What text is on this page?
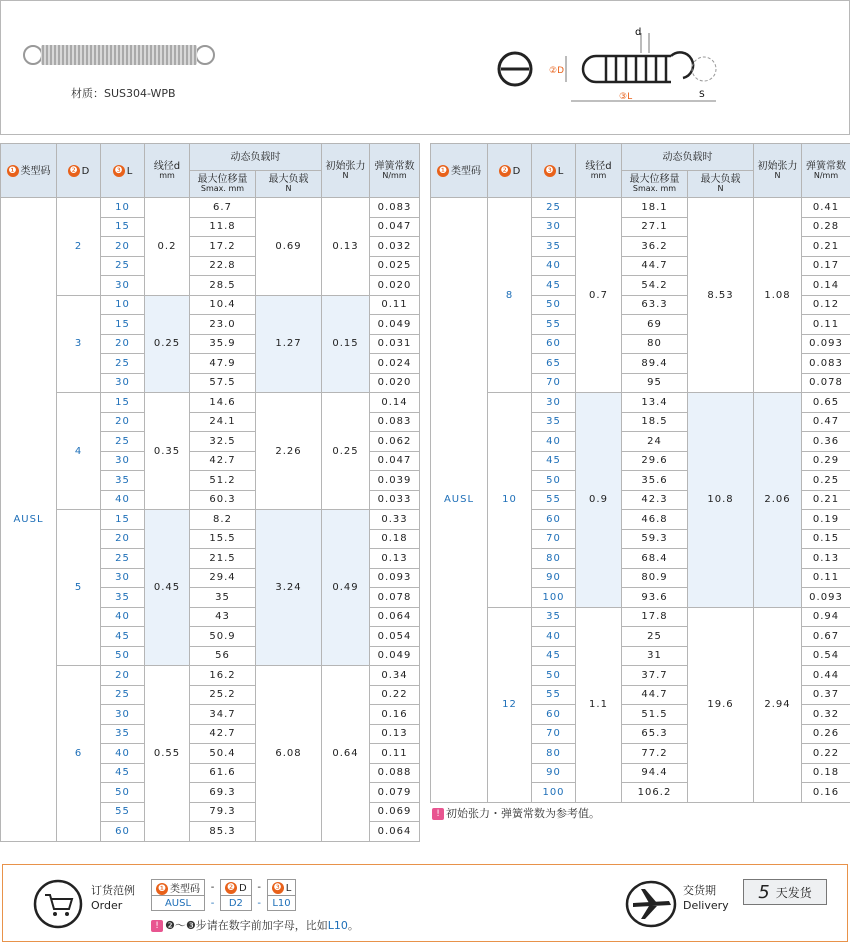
材质：SUS304-WPB
d
②D
③L	S
❶ 类型码	❷ D	❸ L	线径d
mm	动态负载时		初始张力
N	弹簧常数
N/mm

				最大位移量
Smax. mm	最大负载
N		

AUSL	2	10	0.2	6.7	0.69	0.13	0.083
		15		11.8			0.047
		20		17.2			0.032
		25		22.8			0.025
		30		28.5			0.020
	3	10	0.25	10.4	1.27	0.15	0.11
		15		23.0			0.049
		20		35.9			0.031
		25		47.9			0.024
		30		57.5			0.020
	4	15	0.35	14.6	2.26	0.25	0.14
		20		24.1			0.083
		25		32.5			0.062
		30		42.7			0.047
		35		51.2			0.039
		40		60.3			0.033
	5	15	0.45	8.2	3.24	0.49	0.33
		20		15.5			0.18
		25		21.5			0.13
		30		29.4			0.093
		35		35			0.078
		40		43			0.064
		45		50.9			0.054
		50		56			0.049
	6	20	0.55	16.2	6.08	0.64	0.34
		25		25.2			0.22
		30		34.7			0.16
		35		42.7			0.13
		40		50.4			0.11
		45		61.6			0.088
		50		69.3			0.079
		55		79.3			0.069
		60		85.3			0.064
❶ 类型码	❷ D	❸ L	线径d
mm	动态负载时		初始张力
N	弹簧常数
N/mm

				最大位移量
Smax. mm	最大负载
N		

AUSL	8	25	0.7	18.1	8.53	1.08	0.41
		30		27.1			0.28
		35		36.2			0.21
		40		44.7			0.17
		45		54.2			0.14
		50		63.3			0.12
		55		69			0.11
		60		80			0.093
		65		89.4			0.083
		70		95			0.078
	10	30	0.9	13.4	10.8	2.06	0.65
		35		18.5			0.47
		40		24			0.36
		45		29.6			0.29
		50		35.6			0.25
		55		42.3			0.21
		60		46.8			0.19
		70		59.3			0.15
		80		68.4			0.13
		90		80.9			0.11
		100		93.6			0.093
	12	35	1.1	17.8	19.6	2.94	0.94
		40		25			0.67
		45		31			0.54
		50		37.7			0.44
		55		44.7			0.37
		60		51.5			0.32
		70		65.3			0.26
		80		77.2			0.22
		90		94.4			0.18
		100		106.2			0.16
! 初始张力・弹簧常数为参考值。
订货范例
Order
❶ 类型码	-	❷ D	-	❸ L
AUSL	-	D2	-	L10
! ❷～❸步请在数字前加字母，比如L10。
交货期
Delivery
5 天发货
